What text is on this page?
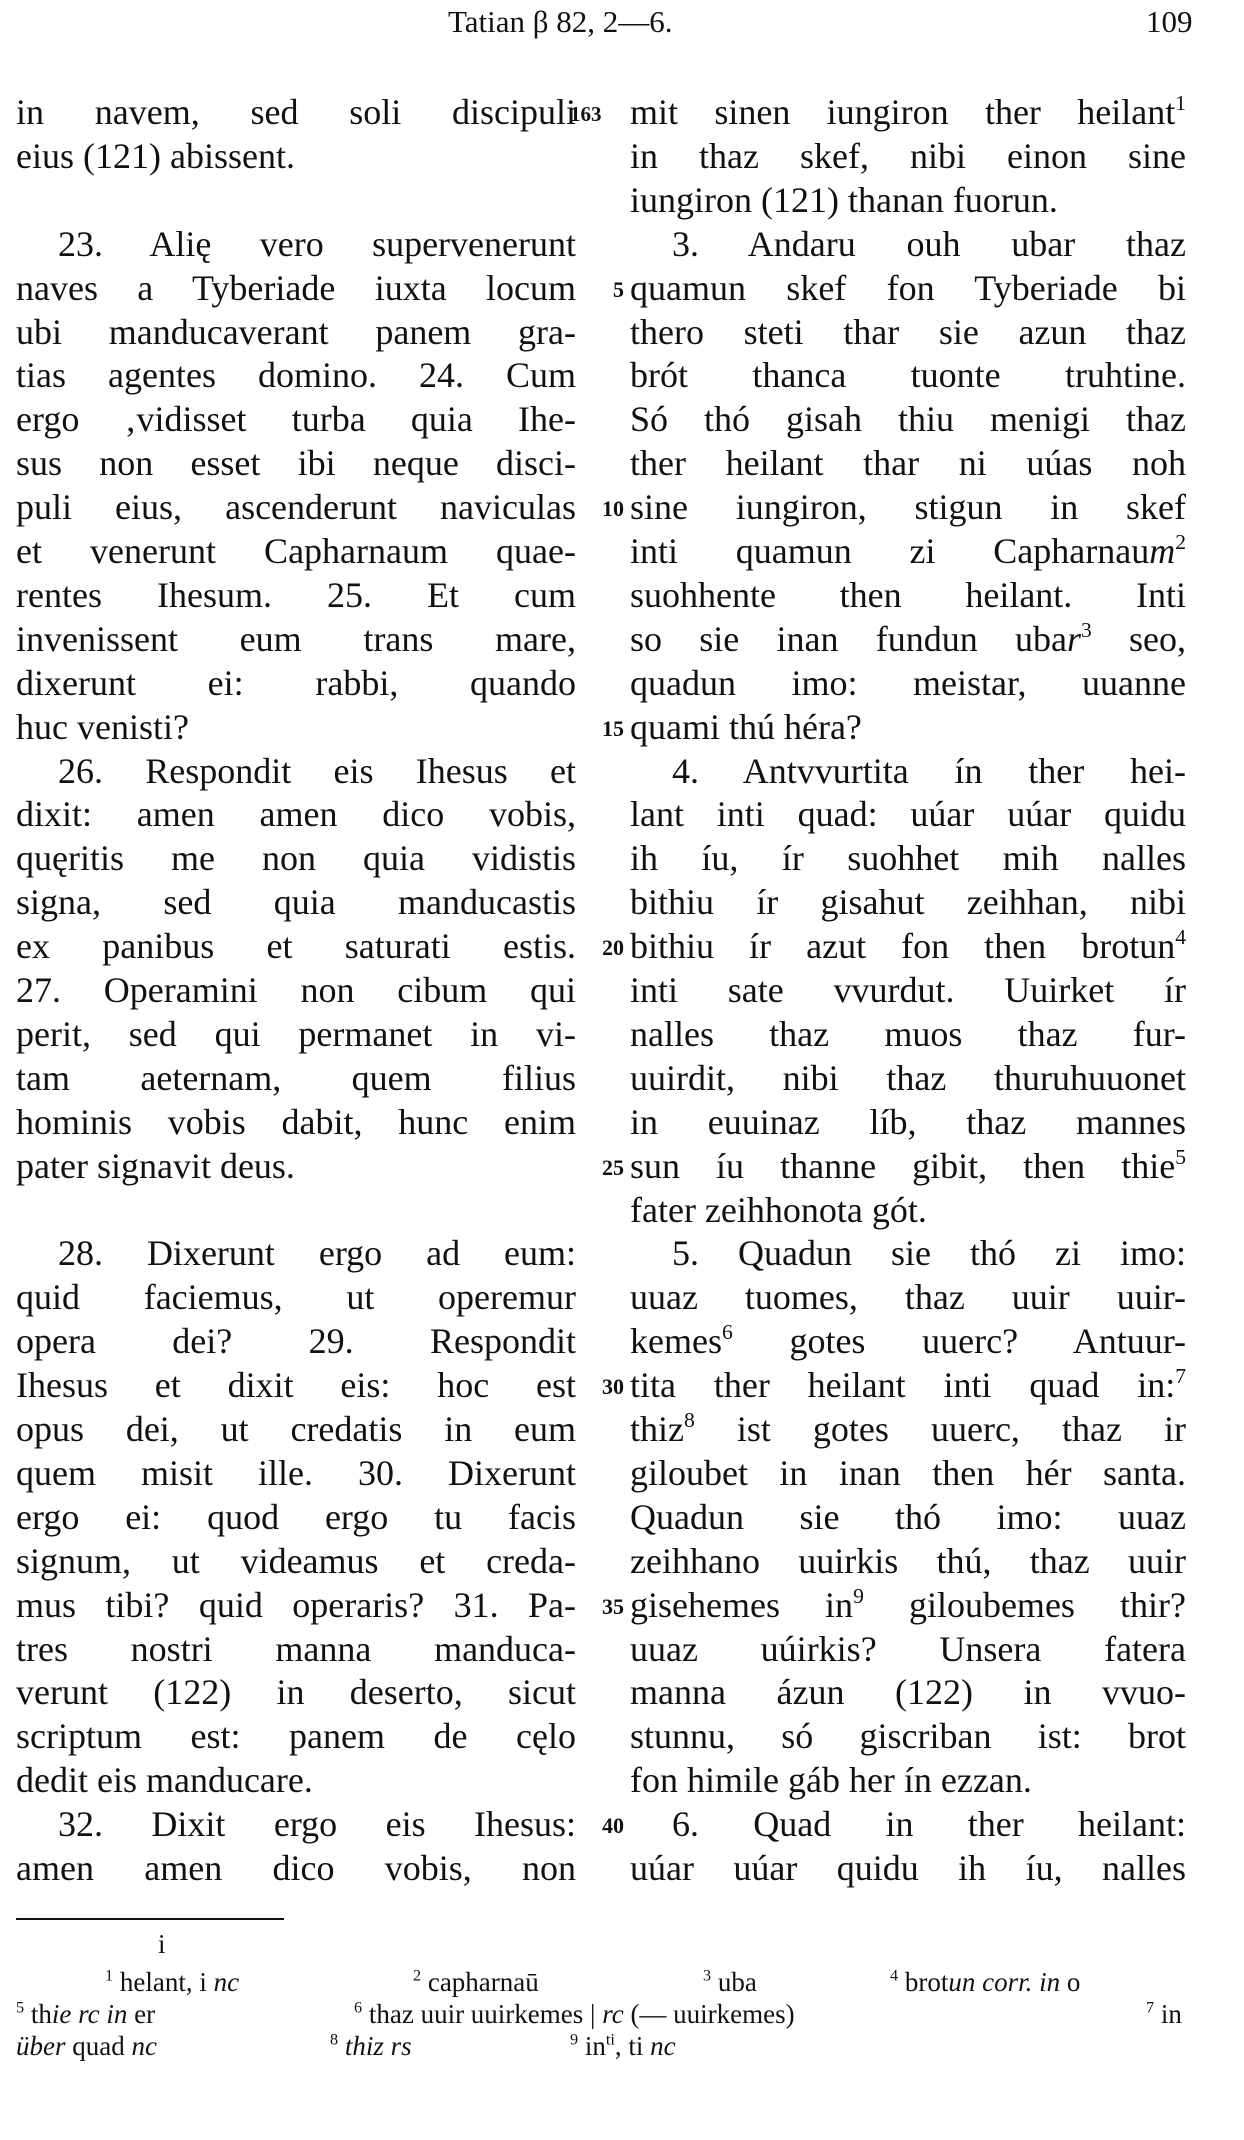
Tatian β 82, 2—6.	109
in navem, sed soli discipuli mit sinen iungiron ther heilant$^1$
163
eius (121) abissent.	in thaz skef, nibi einon sine
iungiron (121) thanan fuorun.
23. Alię vero supervenerunt	3. Andaru ouh ubar thaz
naves a Tyberiade iuxta locum quamun skef fon Tyberiade bi
5
ubi manducaverant panem gra- thero steti thar sie azun thaz
tias agentes domino. 24. Cum brót thanca tuonte truhtine.
ergo ‚vidisset turba quia Ihe- Só thó gisah thiu menigi thaz
sus non esset ibi neque disci- ther heilant thar ni uúas noh
puli eius, ascenderunt naviculas sine iungiron, stigun in skef
10
et venerunt Capharnaum quae- inti quamun zi Capharnaum$^2$
rentes Ihesum. 25. Et cum suohhente then heilant. Inti
invenissent eum trans mare, so sie inan fundun ubar$^3$ seo,
dixerunt ei: rabbi, quando quadun imo: meistar, uuanne
huc venisti?	quami thú héra?
15
26. Respondit eis Ihesus et	4. Antvvurtita ín ther hei-
dixit: amen amen dico vobis, lant inti quad: uúar uúar quidu
quęritis me non quia vidistis ih íu, ír suohhet mih nalles
signa, sed quia manducastis bithiu ír gisahut zeihhan, nibi
ex panibus et saturati estis. bithiu ír azut fon then brotun$^4$
20
27. Operamini non cibum qui inti sate vvurdut. Uuirket ír
perit, sed qui permanet in vi- nalles thaz muos thaz fur-
tam aeternam, quem filius uuirdit, nibi thaz thuruhuuonet
hominis vobis dabit, hunc enim in euuinaz líb, thaz mannes
pater signavit deus.	sun íu thanne gibit, then thie$^5$
25
fater zeihhonota gót.
28. Dixerunt ergo ad eum:	5. Quadun sie thó zi imo:
quid faciemus, ut operemur uuaz tuomes, thaz uuir uuir-
opera dei? 29. Respondit kemes$^6$ gotes uuerc? Antuur-
Ihesus et dixit eis: hoc est tita ther heilant inti quad in:$^7$
30
opus dei, ut credatis in eum thiz$^8$ ist gotes uuerc, thaz ir
quem misit ille. 30. Dixerunt giloubet in inan then hér santa.
ergo ei: quod ergo tu facis Quadun sie thó imo: uuaz
signum, ut videamus et creda- zeihhano uuirkis thú, thaz uuir
mus tibi? quid operaris? 31. Pa- gisehemes $in^9$ giloubemes thir?
35
tres nostri manna manduca- uuaz uúirkis? Unsera fatera
verunt (122) in deserto, sicut manna ázun (122) in vvuo-
scriptum est: panem de cęlo stunnu, só giscriban ist: brot
dedit eis manducare.	fon himile gáb her ín ezzan.
32. Dixit ergo eis Ihesus:	6. Quad in ther heilant:
40
amen amen dico vobis, non uúar uúar quidu ih íu, nalles
i
$^1$ helant, i nc	$^2$ capharnaū	$^3$ uba	$^4$ brotun corr. in o
$^5$ thie rc in er	$^6$ thaz uuir uuirkemes | rc (— uuirkemes)	$^7$ in
über quad nc	$^8$ thiz rs	$^9$ $in^{ti}$, ti nc
